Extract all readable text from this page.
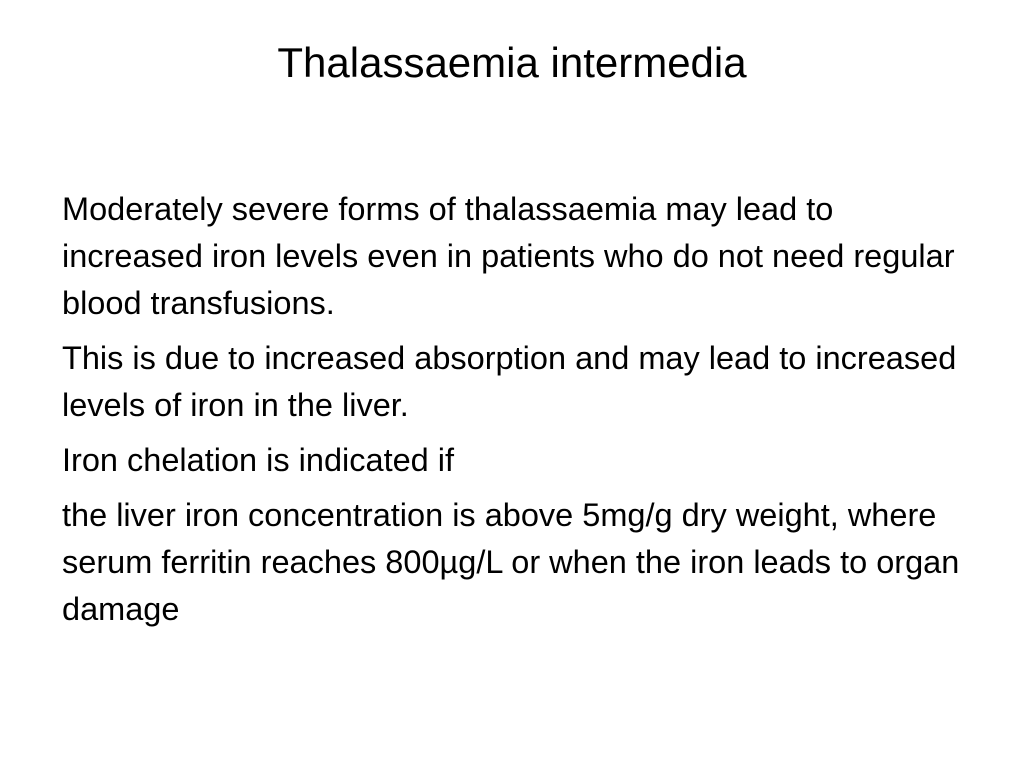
Thalassaemia intermedia

Moderately severe forms of thalassaemia may lead to increased iron levels even in patients who do not need regular blood transfusions.

This is due to increased absorption and may lead to increased levels of iron in the liver.

Iron chelation is indicated if

the liver iron concentration is above 5mg/g dry weight, where serum ferritin reaches 800µg/L or when the iron leads to organ damage
